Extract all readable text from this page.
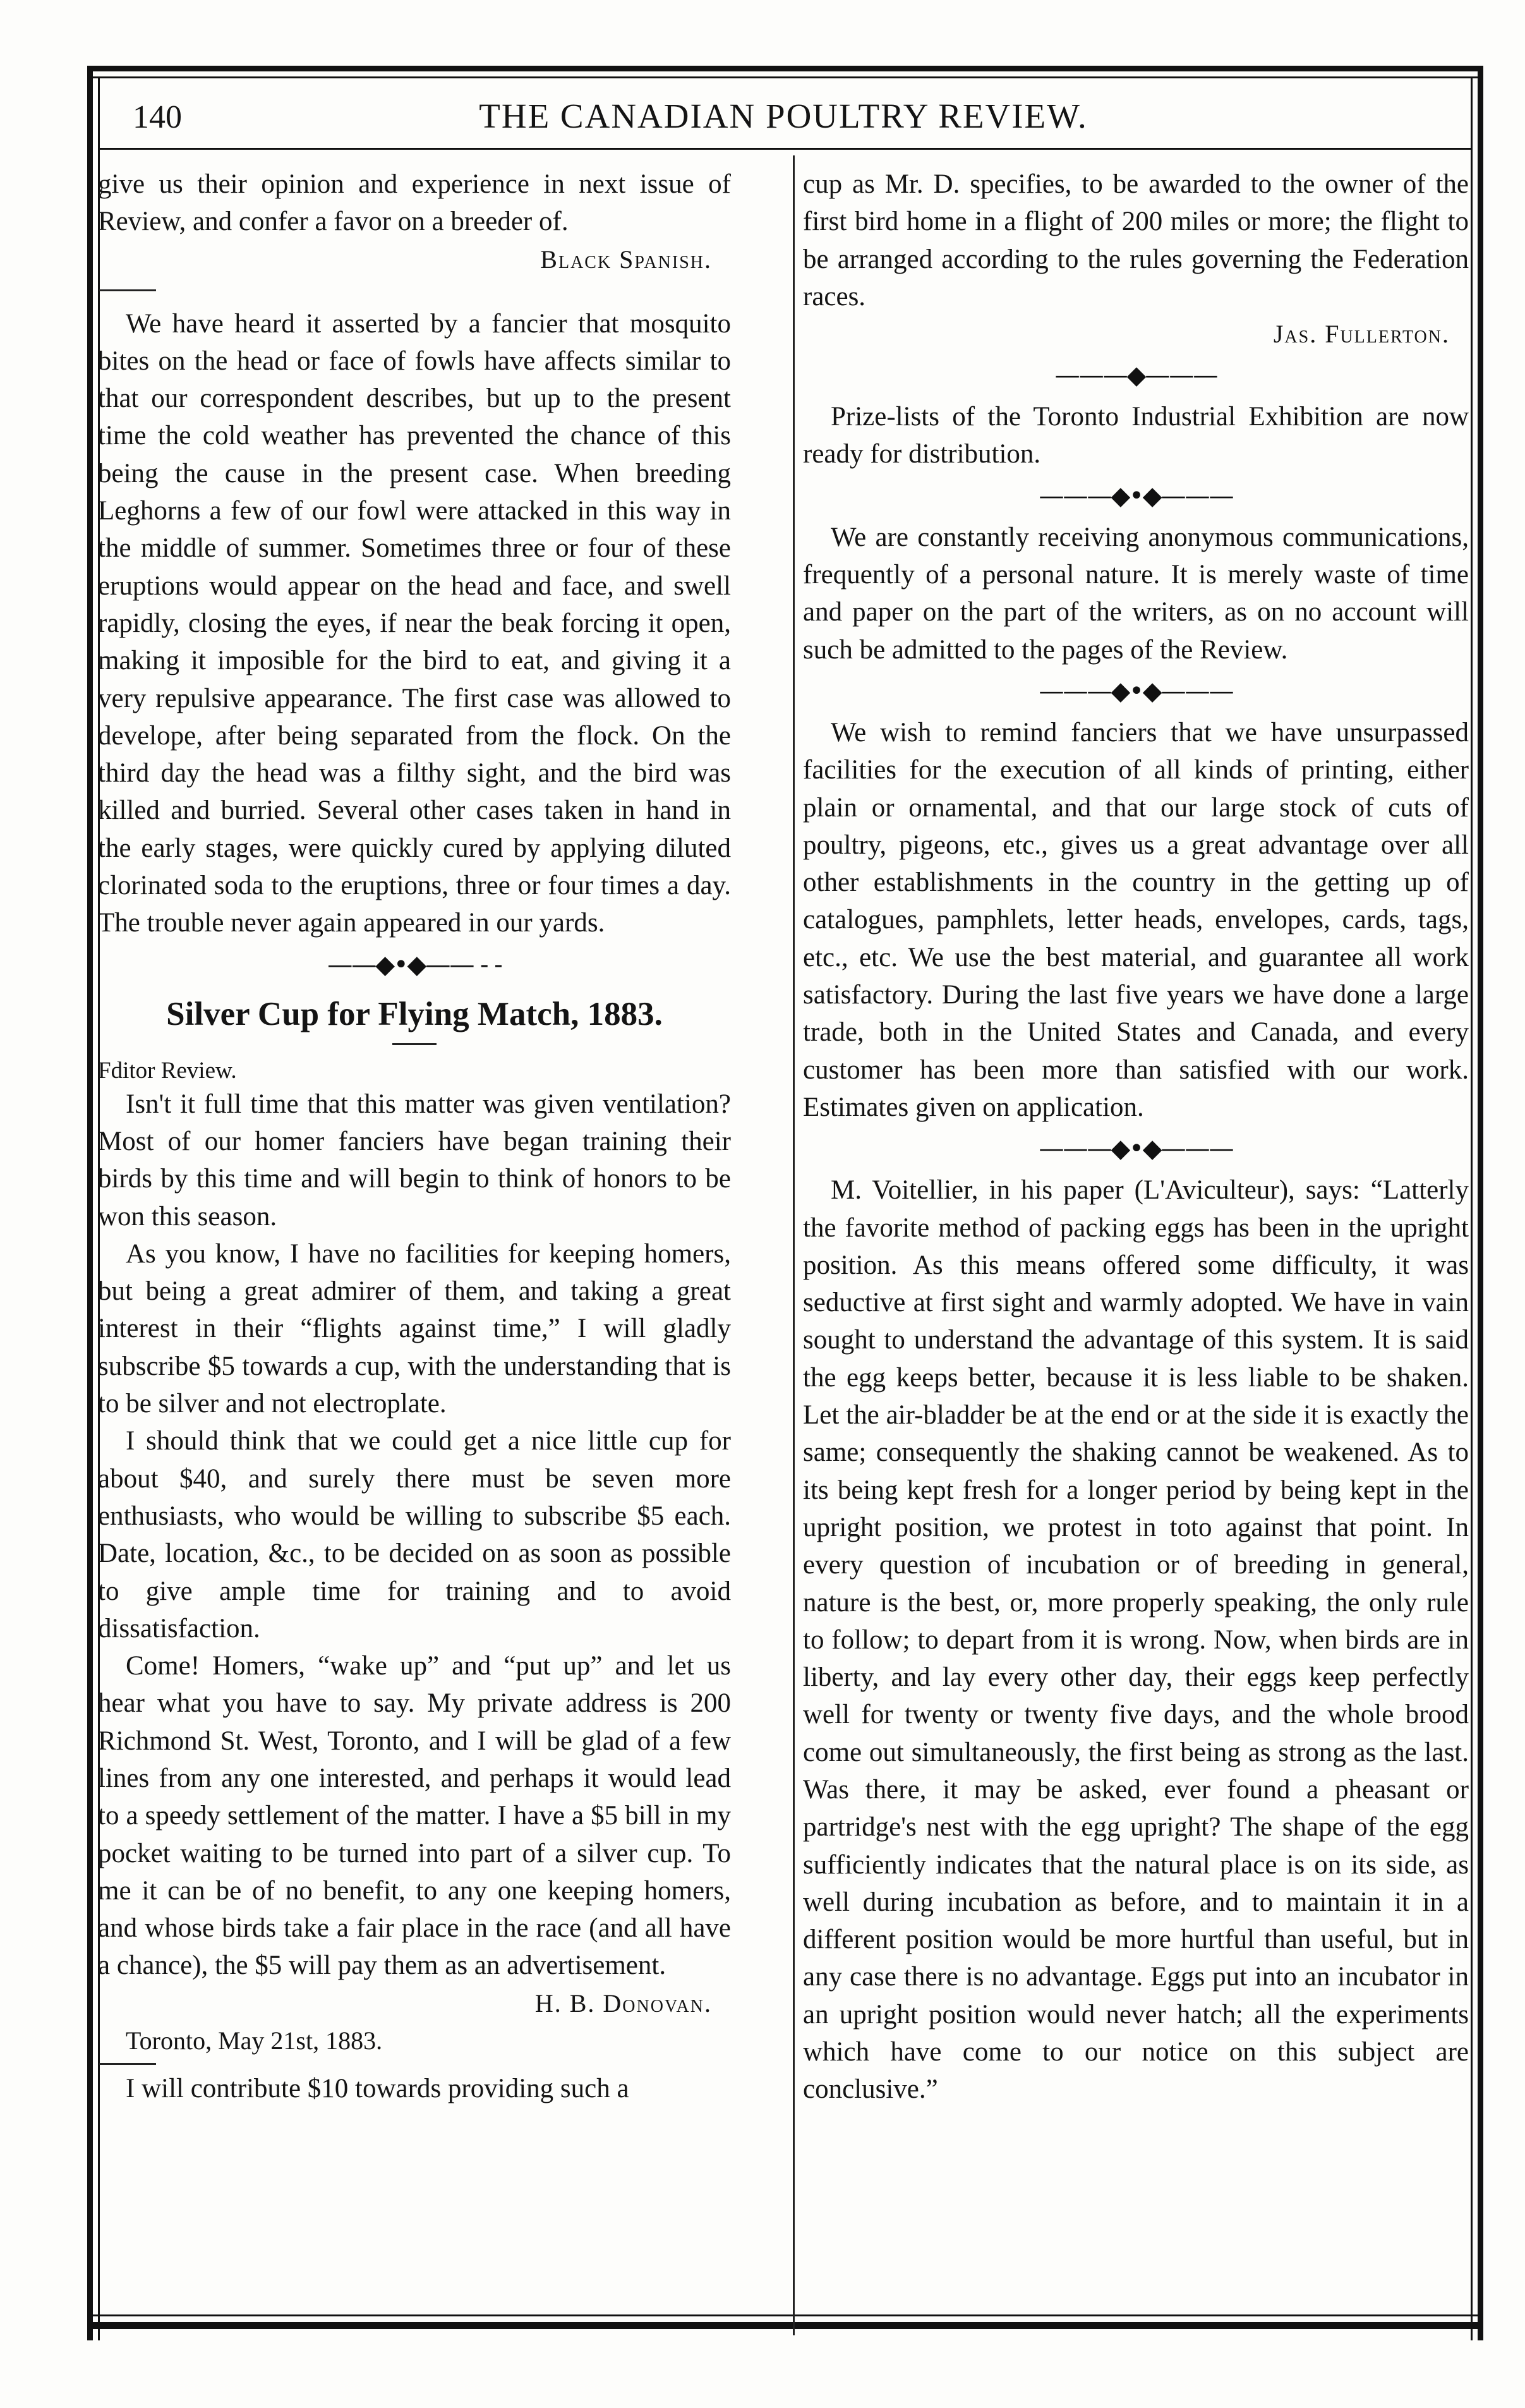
140	THE CANADIAN POULTRY REVIEW.

give us their opinion and experience in next issue of Review, and confer a favor on a breeder of.

Black Spanish.

We have heard it asserted by a fancier that mosquito bites on the head or face of fowls have affects similar to that our correspondent describes, but up to the present time the cold weather has prevented the chance of this being the cause in the present case. When breeding Leghorns a few of our fowl were attacked in this way in the middle of summer. Sometimes three or four of these eruptions would appear on the head and face, and swell rapidly, closing the eyes, if near the beak forcing it open, making it imposible for the bird to eat, and giving it a very repulsive appearance. The first case was allowed to develope, after being separated from the flock. On the third day the head was a filthy sight, and the bird was killed and burried. Several other cases taken in hand in the early stages, were quickly cured by applying diluted clorinated soda to the eruptions, three or four times a day. The trouble never again appeared in our yards.

——◆•◆—— - -
Silver Cup for Flying Match, 1883.

Fditor Review.

Isn't it full time that this matter was given ventilation? Most of our homer fanciers have began training their birds by this time and will begin to think of honors to be won this season.

As you know, I have no facilities for keeping homers, but being a great admirer of them, and taking a great interest in their “flights against time,” I will gladly subscribe $5 towards a cup, with the understanding that is to be silver and not electroplate.

I should think that we could get a nice little cup for about $40, and surely there must be seven more enthusiasts, who would be willing to subscribe $5 each. Date, location, &c., to be decided on as soon as possible to give ample time for training and to avoid dissatisfaction.

Come! Homers, “wake up” and “put up” and let us hear what you have to say. My private address is 200 Richmond St. West, Toronto, and I will be glad of a few lines from any one interested, and perhaps it would lead to a speedy settlement of the matter. I have a $5 bill in my pocket waiting to be turned into part of a silver cup. To me it can be of no benefit, to any one keeping homers, and whose birds take a fair place in the race (and all have a chance), the $5 will pay them as an advertisement.

H. B. Donovan.

Toronto, May 21st, 1883.

I will contribute $10 towards providing such a

cup as Mr. D. specifies, to be awarded to the owner of the first bird home in a flight of 200 miles or more; the flight to be arranged according to the rules governing the Federation races.

Jas. Fullerton.

———◆———

Prize-lists of the Toronto Industrial Exhibition are now ready for distribution.

———◆•◆———

We are constantly receiving anonymous communications, frequently of a personal nature. It is merely waste of time and paper on the part of the writers, as on no account will such be admitted to the pages of the Review.

———◆•◆———

We wish to remind fanciers that we have unsurpassed facilities for the execution of all kinds of printing, either plain or ornamental, and that our large stock of cuts of poultry, pigeons, etc., gives us a great advantage over all other establishments in the country in the getting up of catalogues, pamphlets, letter heads, envelopes, cards, tags, etc., etc. We use the best material, and guarantee all work satisfactory. During the last five years we have done a large trade, both in the United States and Canada, and every customer has been more than satisfied with our work. Estimates given on application.

———◆•◆———

M. Voitellier, in his paper (L'Aviculteur), says: “Latterly the favorite method of packing eggs has been in the upright position. As this means offered some difficulty, it was seductive at first sight and warmly adopted. We have in vain sought to understand the advantage of this system. It is said the egg keeps better, because it is less liable to be shaken. Let the air-bladder be at the end or at the side it is exactly the same; consequently the shaking cannot be weakened. As to its being kept fresh for a longer period by being kept in the upright position, we protest in toto against that point. In every question of incubation or of breeding in general, nature is the best, or, more properly speaking, the only rule to follow; to depart from it is wrong. Now, when birds are in liberty, and lay every other day, their eggs keep perfectly well for twenty or twenty five days, and the whole brood come out simultaneously, the first being as strong as the last. Was there, it may be asked, ever found a pheasant or partridge's nest with the egg upright? The shape of the egg sufficiently indicates that the natural place is on its side, as well during incubation as before, and to maintain it in a different position would be more hurtful than useful, but in any case there is no advantage. Eggs put into an incubator in an upright position would never hatch; all the experiments which have come to our notice on this subject are conclusive.”
